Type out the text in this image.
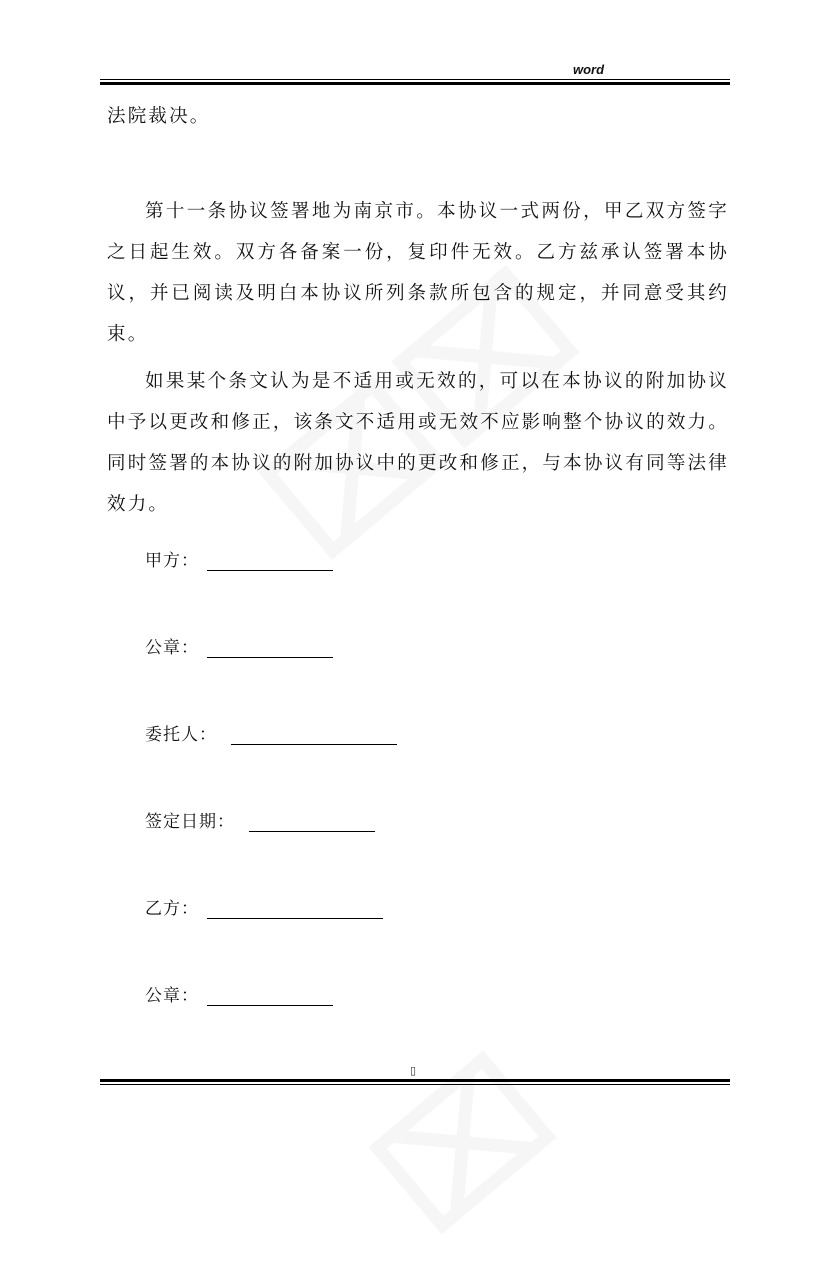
word

法院裁决。

第十一条协议签署地为南京市。本协议一式两份，甲乙双方签字之日起生效。双方各备案一份，复印件无效。乙方兹承认签署本协议，并已阅读及明白本协议所列条款所包含的规定，并同意受其约束。

如果某个条文认为是不适用或无效的，可以在本协议的附加协议中予以更改和修正，该条文不适用或无效不应影响整个协议的效力。同时签署的本协议的附加协议中的更改和修正，与本协议有同等法律效力。

甲方：
公章：
委托人：
签定日期：
乙方：
公章：
▯
